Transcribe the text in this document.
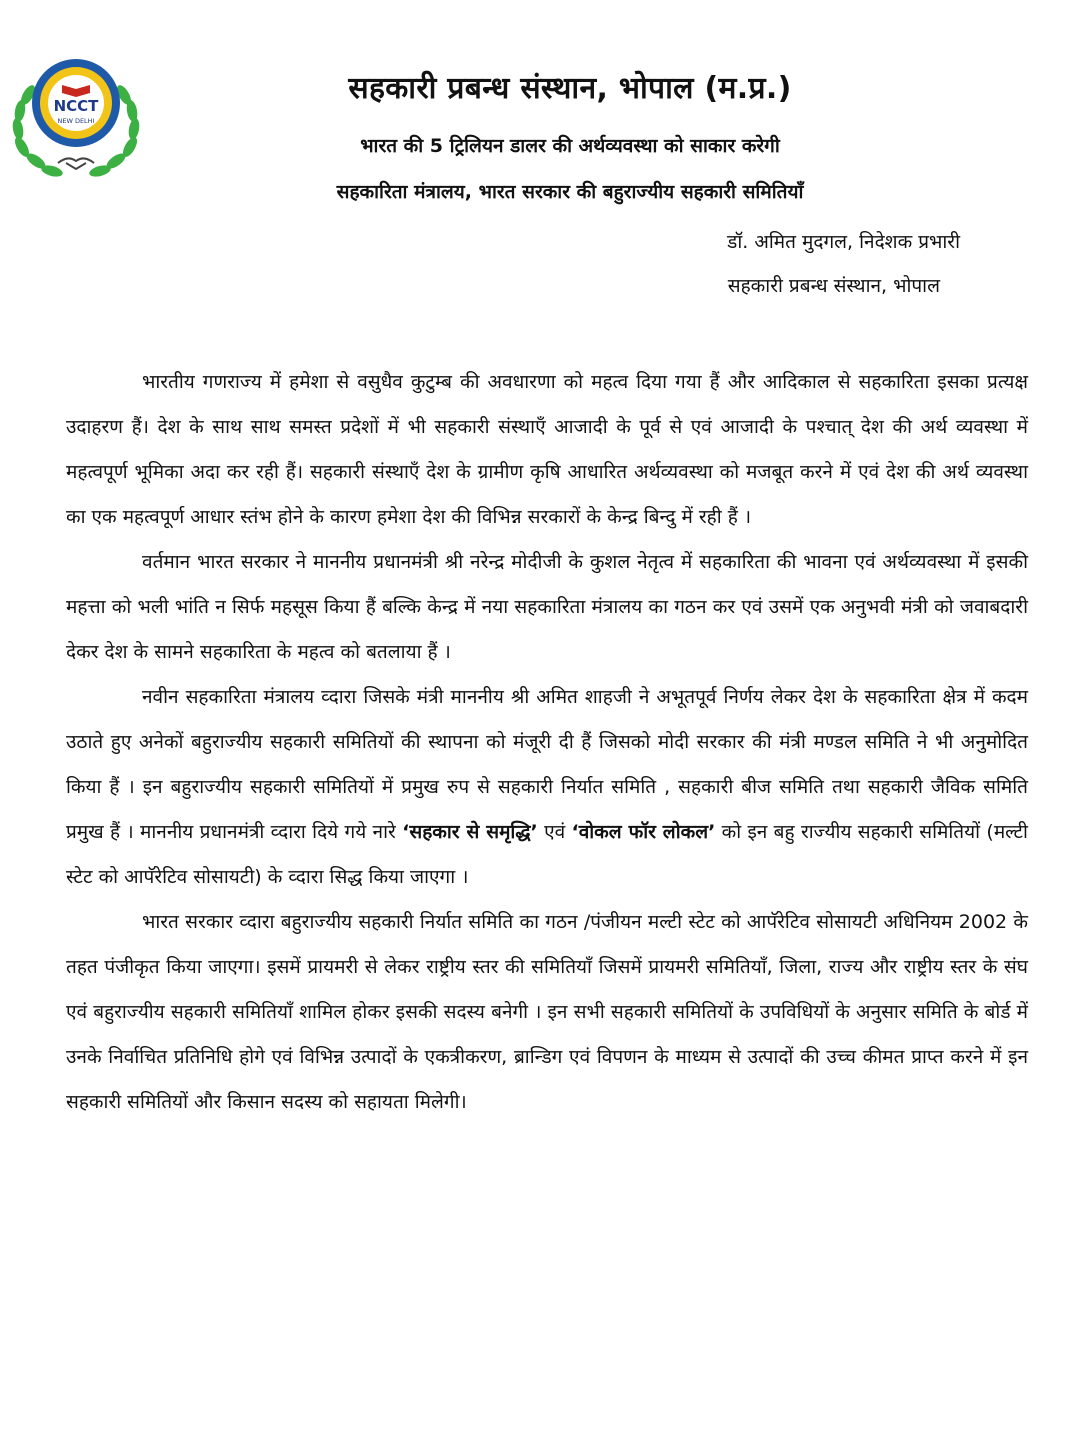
NCCT
NEW DELHI
सहकारी प्रबन्ध संस्थान, भोपाल (म.प्र.)
भारत की 5 ट्रिलियन डालर की अर्थव्यवस्था को साकार करेगी
सहकारिता मंत्रालय, भारत सरकार की बहुराज्यीय सहकारी समितियाँ
डॉ. अमित मुदगल, निदेशक प्रभारी
सहकारी प्रबन्ध संस्थान, भोपाल

भारतीय गणराज्य में हमेशा से वसुधैव कुटुम्ब की अवधारणा को महत्व दिया गया हैं और आदिकाल से सहकारिता इसका प्रत्यक्ष उदाहरण हैं। देश के साथ साथ समस्त प्रदेशों में भी सहकारी संस्थाएँ आजादी के पूर्व से एवं आजादी के पश्चात् देश की अर्थ व्यवस्था में महत्वपूर्ण भूमिका अदा कर रही हैं। सहकारी संस्थाएँ देश के ग्रामीण कृषि आधारित अर्थव्यवस्था को मजबूत करने में एवं देश की अर्थ व्यवस्था का एक महत्वपूर्ण आधार स्तंभ होने के कारण हमेशा देश की विभिन्न सरकारों के केन्द्र बिन्दु में रही हैं ।

वर्तमान भारत सरकार ने माननीय प्रधानमंत्री श्री नरेन्द्र मोदीजी के कुशल नेतृत्व में सहकारिता की भावना एवं अर्थव्यवस्था में इसकी महत्ता को भली भांति न सिर्फ महसूस किया हैं बल्कि केन्द्र में नया सहकारिता मंत्रालय का गठन कर एवं उसमें एक अनुभवी मंत्री को जवाबदारी देकर देश के सामने सहकारिता के महत्व को बतलाया हैं ।

नवीन सहकारिता मंत्रालय व्दारा जिसके मंत्री माननीय श्री अमित शाहजी ने अभूतपूर्व निर्णय लेकर देश के सहकारिता क्षेत्र में कदम उठाते हुए अनेकों बहुराज्यीय सहकारी समितियों की स्थापना को मंजूरी दी हैं जिसको मोदी सरकार की मंत्री मण्डल समिति ने भी अनुमोदित किया हैं । इन बहुराज्यीय सहकारी समितियों में प्रमुख रुप से सहकारी निर्यात समिति , सहकारी बीज समिति तथा सहकारी जैविक समिति प्रमुख हैं । माननीय प्रधानमंत्री व्दारा दिये गये नारे ‘सहकार से समृद्धि’ एवं ‘वोकल फॉर लोकल’ को इन बहु राज्यीय सहकारी समितियों (मल्टी स्टेट को आपॅरेटिव सोसायटी) के व्दारा सिद्ध किया जाएगा ।

भारत सरकार व्दारा बहुराज्यीय सहकारी निर्यात समिति का गठन /पंजीयन मल्टी स्टेट को आपॅरेटिव सोसायटी अधिनियम 2002 के तहत पंजीकृत किया जाएगा। इसमें प्रायमरी से लेकर राष्ट्रीय स्तर की समितियॉं जिसमें प्रायमरी समितियॉं, जिला, राज्य और राष्ट्रीय स्तर के संघ एवं बहुराज्यीय सहकारी समितियॉं शामिल होकर इसकी सदस्य बनेगी । इन सभी सहकारी समितियों के उपविधियों के अनुसार समिति के बोर्ड में उनके निर्वाचित प्रतिनिधि होगे एवं विभिन्न उत्पादों के एकत्रीकरण, ब्रान्डिग एवं विपणन के माध्यम से उत्पादों की उच्च कीमत प्राप्त करने में इन सहकारी समितियों और किसान सदस्य को सहायता मिलेगी।
